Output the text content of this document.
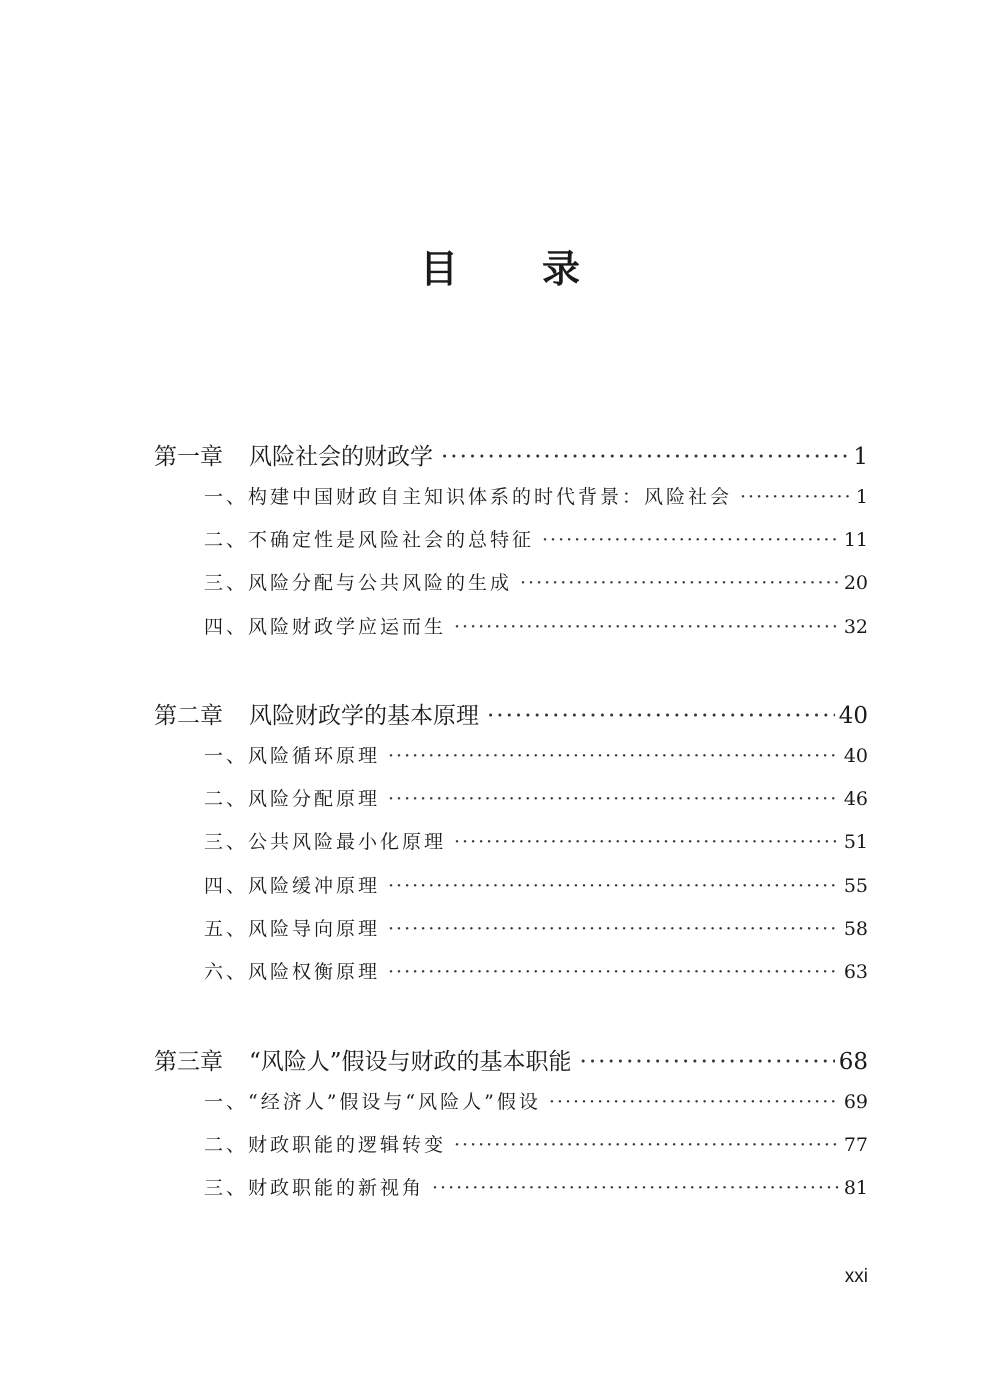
目 录
第一章 风险社会的财政学 ·····	1
一、构建中国财政自主知识体系的时代背景：风险社会 ·····	1
二、不确定性是风险社会的总特征 ·····	11
三、风险分配与公共风险的生成 ·····	20
四、风险财政学应运而生 ·····	32
第二章 风险财政学的基本原理 ·····	40
一、风险循环原理 ·····	40
二、风险分配原理 ·····	46
三、公共风险最小化原理 ·····	51
四、风险缓冲原理 ·····	55
五、风险导向原理 ·····	58
六、风险权衡原理 ·····	63
第三章 “风险人”假设与财政的基本职能 ·····	68
一、“经济人”假设与“风险人”假设 ·····	69
二、财政职能的逻辑转变 ·····	77
三、财政职能的新视角 ·····	81
xxi
